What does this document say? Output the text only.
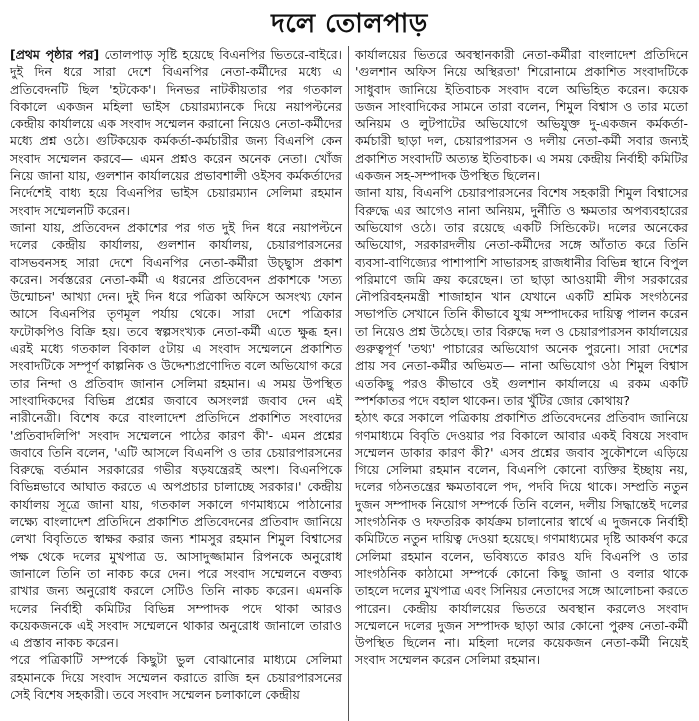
দলে তোলপাড়

[প্রথম পৃষ্ঠার পর] তোলপাড় সৃষ্টি হয়েছে বিএনপির ভিতরে-বাইরে। দুই দিন ধরে সারা দেশে বিএনপির নেতা-কর্মীদের মধ্যে এ প্রতিবেদনটি ছিল 'হটকেক'। দিনভর নাটকীয়তার পর গতকাল বিকালে একজন মহিলা ভাইস চেয়ারম্যানকে দিয়ে নয়াপল্টনের কেন্দ্রীয় কার্যালয়ে এক সংবাদ সম্মেলন করানো নিয়েও নেতা-কর্মীদের মধ্যে প্রশ্ন ওঠে। গুটিকয়েক কর্মকর্তা-কর্মচারীর জন্য বিএনপি কেন সংবাদ সম্মেলন করবে— এমন প্রশ্নও করেন অনেক নেতা। খোঁজ নিয়ে জানা যায়, গুলশান কার্যালয়ের প্রভাবশালী ওইসব কর্মকর্তাদের নির্দেশেই বাধ্য হয়ে বিএনপির ভাইস চেয়ারম্যান সেলিমা রহমান সংবাদ সম্মেলনটি করেন।

জানা যায়, প্রতিবেদন প্রকাশের পর গত দুই দিন ধরে নয়াপল্টনে দলের কেন্দ্রীয় কার্যালয়, গুলশান কার্যালয়, চেয়ারপারসনের বাসভবনসহ সারা দেশে বিএনপির নেতা-কর্মীরা উচ্ছ্বাস প্রকাশ করেন। সর্বস্তরের নেতা-কর্মী এ ধরনের প্রতিবেদন প্রকাশকে 'সত্য উন্মোচন' আখ্যা দেন। দুই দিন ধরে পত্রিকা অফিসে অসংখ্য ফোন আসে বিএনপির তৃণমূল পর্যায় থেকে। সারা দেশে পত্রিকার ফটোকপিও বিক্রি হয়। তবে স্বল্পসংখ্যক নেতা-কর্মী এতে ক্ষুব্ধ হন। এরই মধ্যে গতকাল বিকাল ৫টায় এ সংবাদ সম্মেলনে প্রকাশিত সংবাদটিকে সম্পূর্ণ কাল্পনিক ও উদ্দেশ্যপ্রণোদিত বলে অভিযোগ করে তার নিন্দা ও প্রতিবাদ জানান সেলিমা রহমান। এ সময় উপস্থিত সাংবাদিকদের বিভিন্ন প্রশ্নের জবাবে অসংলগ্ন জবাব দেন এই নারীনেত্রী। বিশেষ করে বাংলাদেশ প্রতিদিনে প্রকাশিত সংবাদের 'প্রতিবাদলিপি' সংবাদ সম্মেলনে পাঠের কারণ কী'- এমন প্রশ্নের জবাবে তিনি বলেন, 'এটি আসলে বিএনপি ও তার চেয়ারপারসনের বিরুদ্ধে বর্তমান সরকারের গভীর ষড়যন্ত্রেরই অংশ। বিএনপিকে বিভিন্নভাবে আঘাত করতে এ অপপ্রচার চালাচ্ছে সরকার।' কেন্দ্রীয় কার্যালয় সূত্রে জানা যায়, গতকাল সকালে গণমাধ্যমে পাঠানোর লক্ষ্যে বাংলাদেশ প্রতিদিনে প্রকাশিত প্রতিবেদনের প্রতিবাদ জানিয়ে লেখা বিবৃতিতে স্বাক্ষর করার জন্য শামসুর রহমান শিমুল বিশ্বাসের পক্ষ থেকে দলের মুখপাত্র ড. আসাদুজ্জামান রিপনকে অনুরোধ জানালে তিনি তা নাকচ করে দেন। পরে সংবাদ সম্মেলনে বক্তব্য রাখার জন্য অনুরোধ করলে সেটিও তিনি নাকচ করেন। এমনকি দলের নির্বাহী কমিটির বিভিন্ন সম্পাদক পদে থাকা আরও কয়েকজনকে এই সংবাদ সম্মেলনে থাকার অনুরোধ জানালে তারাও এ প্রস্তাব নাকচ করেন।

পরে পত্রিকাটি সম্পর্কে কিছুটা ভুল বোঝানোর মাধ্যমে সেলিমা রহমানকে দিয়ে সংবাদ সম্মেলন করাতে রাজি হন চেয়ারপারসনের সেই বিশেষ সহকারী। তবে সংবাদ সম্মেলন চলাকালে কেন্দ্রীয়

কার্যালয়ের ভিতরে অবস্থানকারী নেতা-কর্মীরা বাংলাদেশ প্রতিদিনে 'গুলশান অফিস নিয়ে অস্থিরতা' শিরোনামে প্রকাশিত সংবাদটিকে সাধুবাদ জানিয়ে ইতিবাচক সংবাদ বলে অভিহিত করেন। কয়েক ডজন সাংবাদিকের সামনে তারা বলেন, শিমুল বিশ্বাস ও তার মতো অনিয়ম ও লুটপাটের অভিযোগে অভিযুক্ত দু-একজন কর্মকর্তা-কর্মচারী ছাড়া দল, চেয়ারপারসন ও দলীয় নেতা-কর্মী সবার জন্যই প্রকাশিত সংবাদটি অত্যন্ত ইতিবাচক। এ সময় কেন্দ্রীয় নির্বাহী কমিটির একজন সহ-সম্পাদক উপস্থিত ছিলেন।

জানা যায়, বিএনপি চেয়ারপারসনের বিশেষ সহকারী শিমুল বিশ্বাসের বিরুদ্ধে এর আগেও নানা অনিয়ম, দুর্নীতি ও ক্ষমতার অপব্যবহারের অভিযোগ ওঠে। তার রয়েছে একটি সিন্ডিকেট। দলের অনেকের অভিযোগ, সরকারদলীয় নেতা-কর্মীদের সঙ্গে আঁতাত করে তিনি ব্যবসা-বাণিজ্যের পাশাপাশি সাভারসহ রাজধানীর বিভিন্ন স্থানে বিপুল পরিমাণে জমি ক্রয় করেছেন। তা ছাড়া আওয়ামী লীগ সরকারের নৌপরিবহনমন্ত্রী শাজাহান খান যেখানে একটি শ্রমিক সংগঠনের সভাপতি সেখানে তিনি কীভাবে যুগ্ম সম্পাদকের দায়িত্ব পালন করেন তা নিয়েও প্রশ্ন উঠেছে। তার বিরুদ্ধে দল ও চেয়ারপারসন কার্যালয়ের গুরুত্বপূর্ণ 'তথ্য' পাচারের অভিযোগ অনেক পুরনো। সারা দেশের প্রায় সব নেতা-কর্মীর অভিমত— নানা অভিযোগ ওঠা শিমুল বিশ্বাস এতকিছু পরও কীভাবে ওই গুলশান কার্যালয়ে এ রকম একটি স্পর্শকাতর পদে বহাল থাকেন। তার খুঁটির জোর কোথায়?

হঠাৎ করে সকালে পত্রিকায় প্রকাশিত প্রতিবেদনের প্রতিবাদ জানিয়ে গণমাধ্যমে বিবৃতি দেওয়ার পর বিকালে আবার একই বিষয়ে সংবাদ সম্মেলন ডাকার কারণ কী?' এসব প্রশ্নের জবাব সুকৌশলে এড়িয়ে গিয়ে সেলিমা রহমান বলেন, বিএনপি কোনো ব্যক্তির ইচ্ছায় নয়, দলের গঠনতন্ত্রের ক্ষমতাবলে পদ, পদবি দিয়ে থাকে। সম্প্রতি নতুন দুজন সম্পাদক নিয়োগ সম্পর্কে তিনি বলেন, দলীয় সিদ্ধান্তেই দলের সাংগঠনিক ও দফতরিক কার্যক্রম চালানোর স্বার্থে এ দুজনকে নির্বাহী কমিটিতে নতুন দায়িত্ব দেওয়া হয়েছে। গণমাধ্যমের দৃষ্টি আকর্ষণ করে সেলিমা রহমান বলেন, ভবিষ্যতে কারও যদি বিএনপি ও তার সাংগঠনিক কাঠামো সম্পর্কে কোনো কিছু জানা ও বলার থাকে তাহলে দলের মুখপাত্র এবং সিনিয়র নেতাদের সঙ্গে আলোচনা করতে পারেন। কেন্দ্রীয় কার্যালয়ের ভিতরে অবস্থান করলেও সংবাদ সম্মেলনে দলের দুজন সম্পাদক ছাড়া আর কোনো পুরুষ নেতা-কর্মী উপস্থিত ছিলেন না। মহিলা দলের কয়েকজন নেতা-কর্মী নিয়েই সংবাদ সম্মেলন করেন সেলিমা রহমান।
